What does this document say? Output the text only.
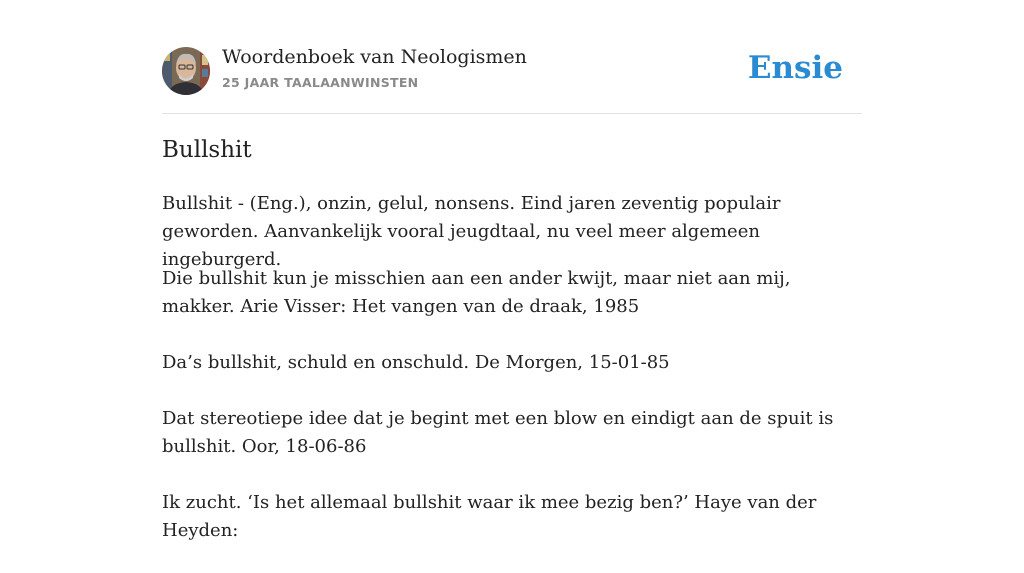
Woordenboek van Neologismen
25 JAAR TAALAANWINSTEN	Ensie
Bullshit

Bullshit - (Eng.), onzin, gelul, nonsens. Eind jaren zeventig populair geworden. Aanvankelijk vooral jeugdtaal, nu veel meer algemeen ingeburgerd.

Die bullshit kun je misschien aan een ander kwijt, maar niet aan mij, makker. Arie Visser: Het vangen van de draak, 1985
Da’s bullshit, schuld en onschuld. De Morgen, 15-01-85
Dat stereotiepe idee dat je begint met een blow en eindigt aan de spuit is bullshit. Oor, 18-06-86
Ik zucht. ‘Is het allemaal bullshit waar ik mee bezig ben?’ Haye van der Heyden:
